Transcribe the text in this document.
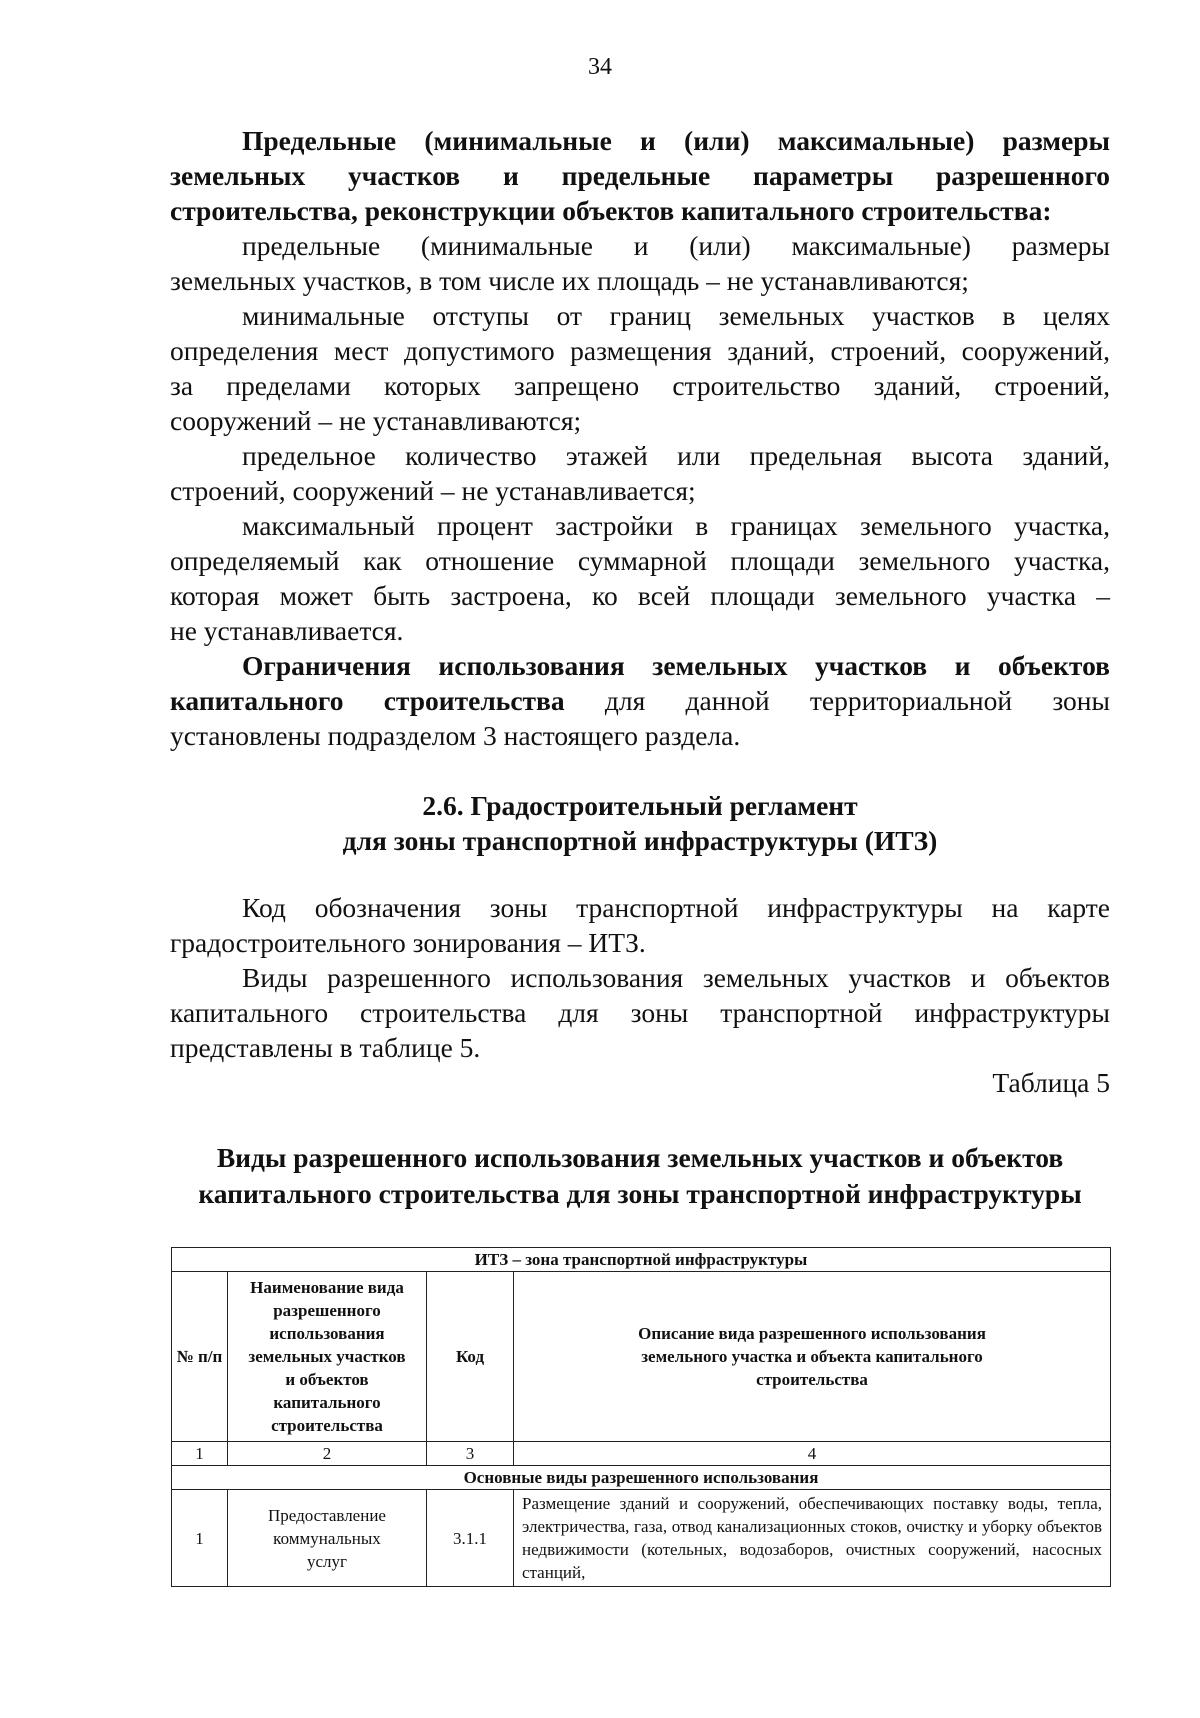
34
Предельные (минимальные и (или) максимальные) размеры
земельных участков и предельные параметры разрешенного
строительства, реконструкции объектов капитального строительства:
предельные (минимальные и (или) максимальные) размеры
земельных участков, в том числе их площадь – не устанавливаются;
минимальные отступы от границ земельных участков в целях
определения мест допустимого размещения зданий, строений, сооружений,
за пределами которых запрещено строительство зданий, строений,
сооружений – не устанавливаются;
предельное количество этажей или предельная высота зданий,
строений, сооружений – не устанавливается;
максимальный процент застройки в границах земельного участка,
определяемый как отношение суммарной площади земельного участка,
которая может быть застроена, ко всей площади земельного участка –
не устанавливается.
Ограничения использования земельных участков и объектов
капитального строительства для данной территориальной зоны
установлены подразделом 3 настоящего раздела.
2.6. Градостроительный регламент
для зоны транспортной инфраструктуры (ИТЗ)
Код обозначения зоны транспортной инфраструктуры на карте
градостроительного зонирования – ИТЗ.
Виды разрешенного использования земельных участков и объектов
капитального строительства для зоны транспортной инфраструктуры
представлены в таблице 5.
Таблица 5
Виды разрешенного использования земельных участков и объектов
капитального строительства для зоны транспортной инфраструктуры
ИТЗ – зона транспортной инфраструктуры			
№ п/п	Наименование вида разрешенного использования земельных участков и объектов капитального строительства	Код	Описание вида разрешенного использования земельного участка и объекта капитального строительства
1	2	3	4
Основные виды разрешенного использования			
1	Предоставление коммунальных услуг	3.1.1	Размещение зданий и сооружений, обеспечивающих поставку воды, тепла, электричества, газа, отвод канализационных стоков, очистку и уборку объектов недвижимости (котельных, водозаборов, очистных сооружений, насосных станций,
